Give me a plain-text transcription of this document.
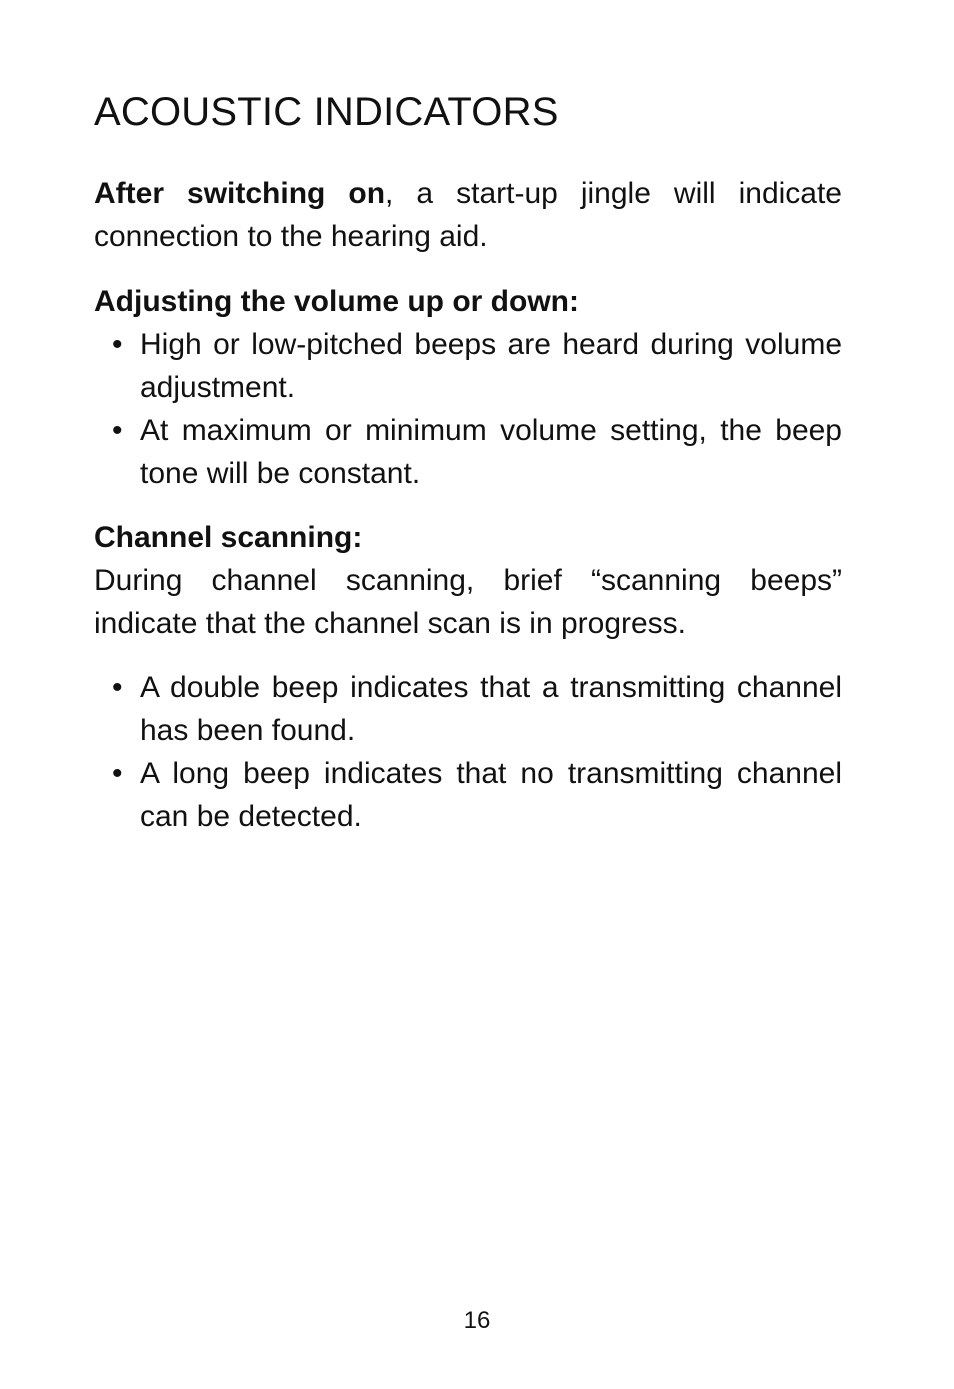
ACOUSTIC INDICATORS

After switching on, a start-up jingle will indicate connection to the hearing aid.

Adjusting the volume up or down:

• High or low-pitched beeps are heard during volume adjustment.
• At maximum or minimum volume setting, the beep tone will be constant.

Channel scanning:

During channel scanning, brief “scanning beeps” indicate that the channel scan is in progress.

• A double beep indicates that a transmitting channel has been found.
• A long beep indicates that no transmitting channel can be detected.
16
